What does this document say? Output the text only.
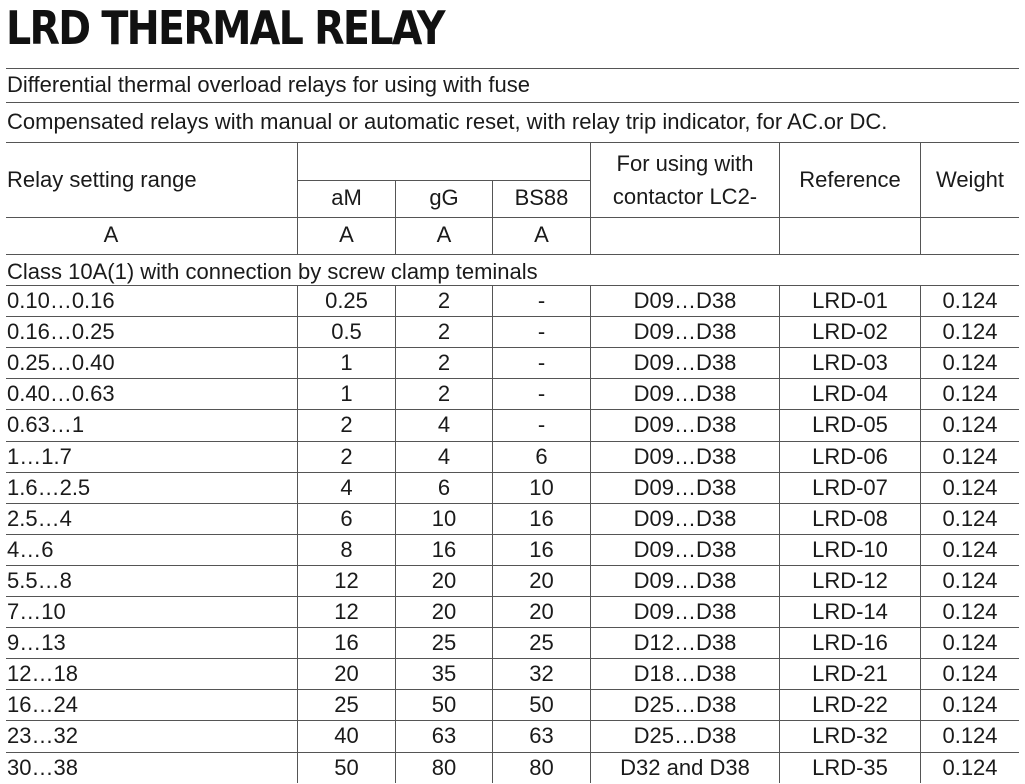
LRD THERMAL RELAY
Differential thermal overload relays for using with fuse
Compensated relays with manual or automatic reset, with relay trip indicator, for AC.or DC.
Relay setting range
aM	gG	BS88
For using with
contactor LC2-
Reference	Weight
A	A	A	A
Class 10A(1) with connection by screw clamp teminals
0.10…0.16	0.25	2	-	D09…D38	LRD-01	0.124
0.16…0.25	0.5	2	-	D09…D38	LRD-02	0.124
0.25…0.40	1	2	-	D09…D38	LRD-03	0.124
0.40…0.63	1	2	-	D09…D38	LRD-04	0.124
0.63…1	2	4	-	D09…D38	LRD-05	0.124
1…1.7	2	4	6	D09…D38	LRD-06	0.124
1.6…2.5	4	6	10	D09…D38	LRD-07	0.124
2.5…4	6	10	16	D09…D38	LRD-08	0.124
4…6	8	16	16	D09…D38	LRD-10	0.124
5.5…8	12	20	20	D09…D38	LRD-12	0.124
7…10	12	20	20	D09…D38	LRD-14	0.124
9…13	16	25	25	D12…D38	LRD-16	0.124
12…18	20	35	32	D18…D38	LRD-21	0.124
16…24	25	50	50	D25…D38	LRD-22	0.124
23…32	40	63	63	D25…D38	LRD-32	0.124
30…38	50	80	80	D32 and D38	LRD-35	0.124
